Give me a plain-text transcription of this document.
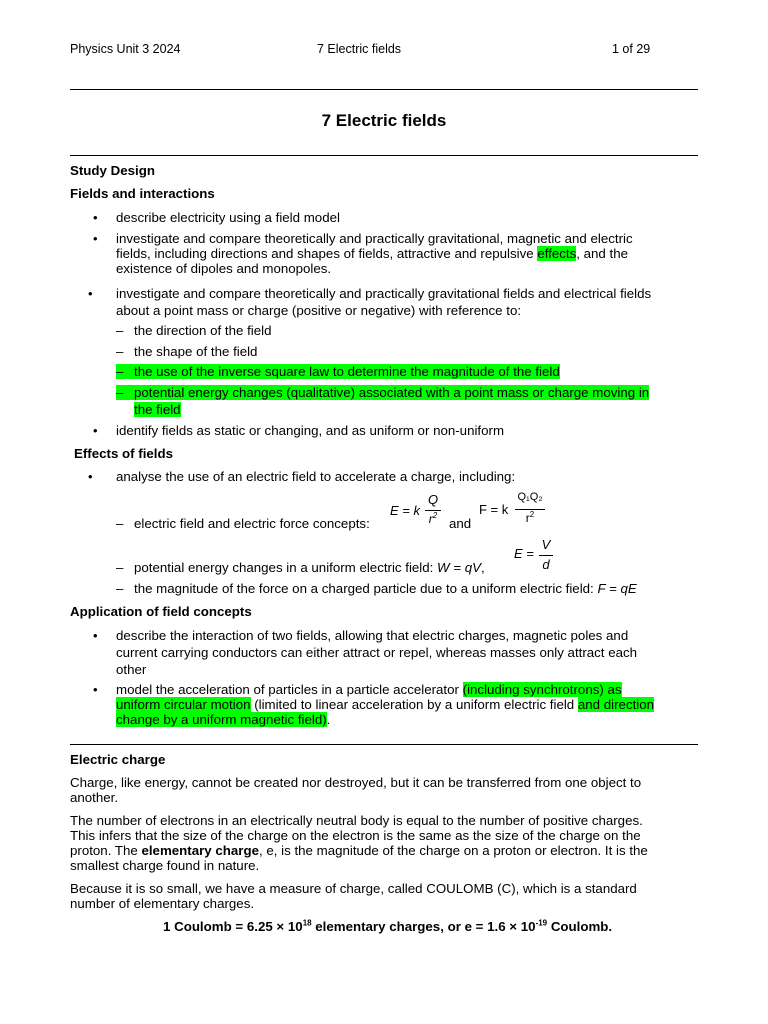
Physics Unit 3 2024	7 Electric fields	1 of 29
7 Electric fields
Study Design
Fields and interactions
• describe electricity using a field model
• investigate and compare theoretically and practically gravitational, magnetic and electric
fields, including directions and shapes of fields, attractive and repulsive effects, and the
existence of dipoles and monopoles.
• investigate and compare theoretically and practically gravitational fields and electrical fields
about a point mass or charge (positive or negative) with reference to:
– the direction of the field
– the shape of the field
– the use of the inverse square law to determine the magnitude of the field
– potential energy changes (qualitative) associated with a point mass or charge moving in
the field
• identify fields as static or changing, and as uniform or non-uniform
Effects of fields
• analyse the use of an electric field to accelerate a charge, including:
– electric field and electric force concepts:
E = k
Q
$r^2$
and
F = k
Q₁Q₂
$r^2$
E =
V
d
– potential energy changes in a uniform electric field: W = qV,
– the magnitude of the force on a charged particle due to a uniform electric field: F = qE
Application of field concepts
• describe the interaction of two fields, allowing that electric charges, magnetic poles and
current carrying conductors can either attract or repel, whereas masses only attract each
other
• model the acceleration of particles in a particle accelerator (including synchrotrons) as
uniform circular motion (limited to linear acceleration by a uniform electric field and direction
change by a uniform magnetic field).
Electric charge
Charge, like energy, cannot be created nor destroyed, but it can be transferred from one object to
another.
The number of electrons in an electrically neutral body is equal to the number of positive charges.
This infers that the size of the charge on the electron is the same as the size of the charge on the
proton. The elementary charge, e, is the magnitude of the charge on a proton or electron. It is the
smallest charge found in nature.
Because it is so small, we have a measure of charge, called COULOMB (C), which is a standard
number of elementary charges.
1 Coulomb = $6.25 \times 10^{18}$ elementary charges, or $e = 1.6 \times 10^{-19}$ Coulomb.
